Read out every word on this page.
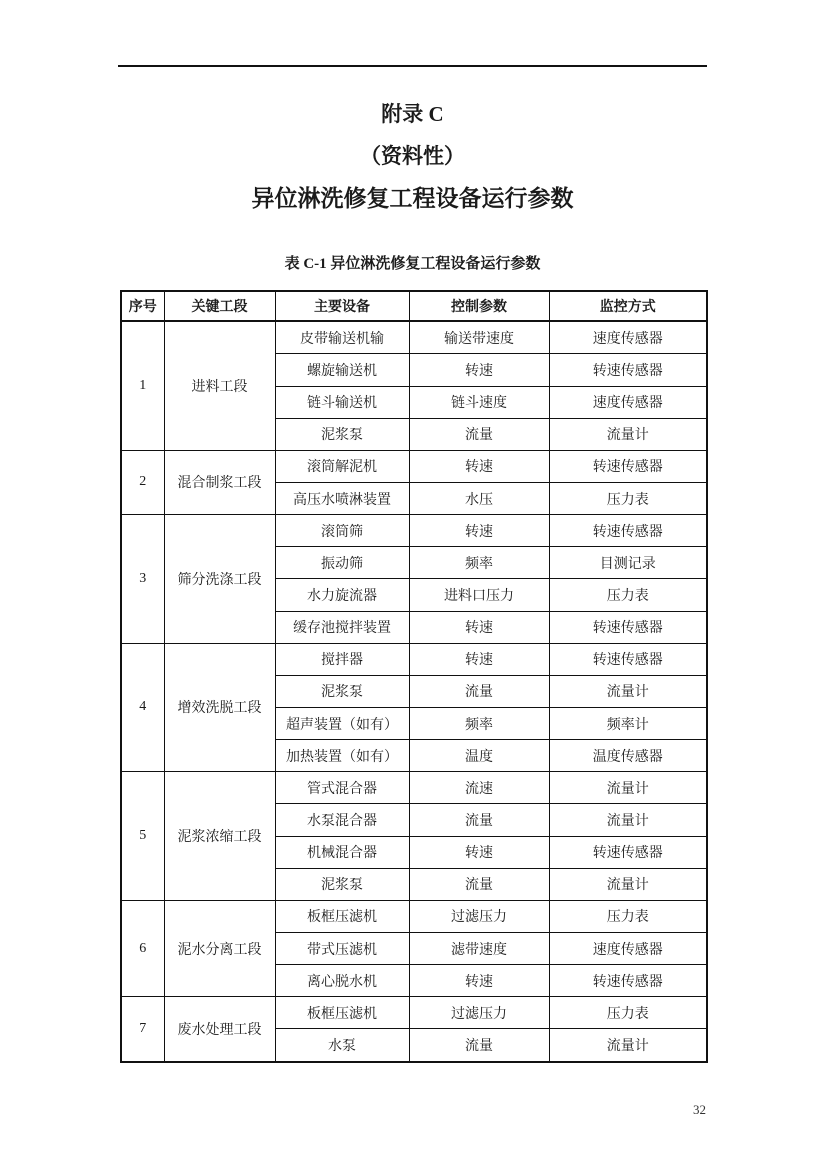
附录 C
（资料性）
异位淋洗修复工程设备运行参数
表 C-1 异位淋洗修复工程设备运行参数
序号	关键工段	主要设备	控制参数	监控方式
1	进料工段	皮带输送机输	输送带速度	速度传感器
		螺旋输送机	转速	转速传感器
		链斗输送机	链斗速度	速度传感器
		泥浆泵	流量	流量计
2	混合制浆工段	滚筒解泥机	转速	转速传感器
		高压水喷淋装置	水压	压力表
3	筛分洗涤工段	滚筒筛	转速	转速传感器
		振动筛	频率	目测记录
		水力旋流器	进料口压力	压力表
		缓存池搅拌装置	转速	转速传感器
4	增效洗脱工段	搅拌器	转速	转速传感器
		泥浆泵	流量	流量计
		超声装置（如有）	频率	频率计
		加热装置（如有）	温度	温度传感器
5	泥浆浓缩工段	管式混合器	流速	流量计
		水泵混合器	流量	流量计
		机械混合器	转速	转速传感器
		泥浆泵	流量	流量计
6	泥水分离工段	板框压滤机	过滤压力	压力表
		带式压滤机	滤带速度	速度传感器
		离心脱水机	转速	转速传感器
7	废水处理工段	板框压滤机	过滤压力	压力表
		水泵	流量	流量计
32
